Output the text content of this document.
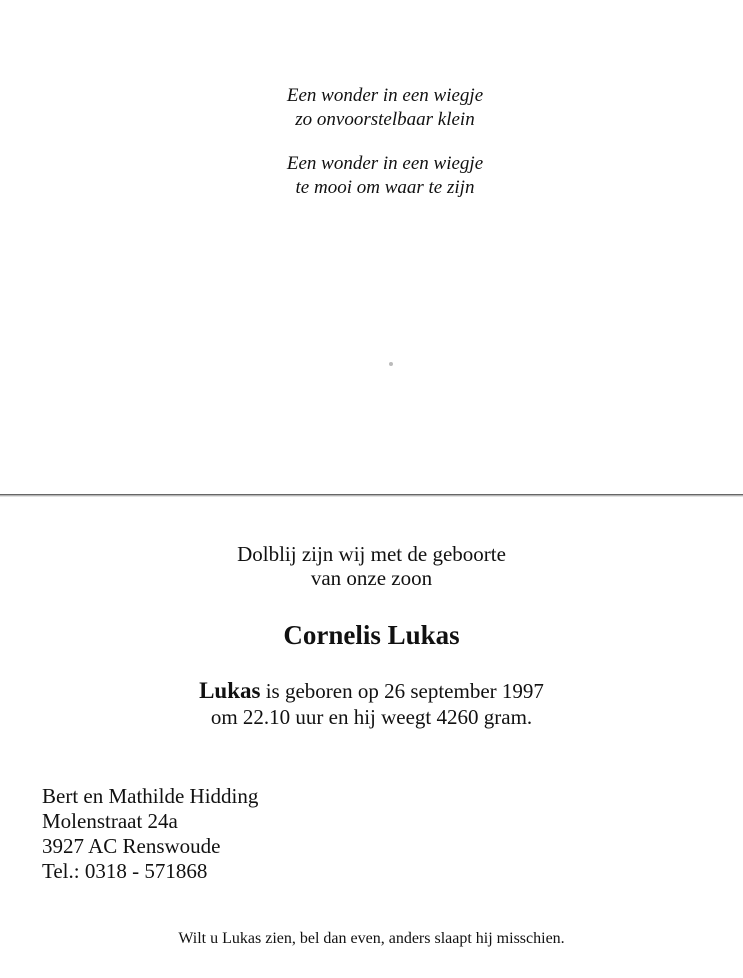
Een wonder in een wiegje
zo onvoorstelbaar klein
Een wonder in een wiegje
te mooi om waar te zijn
Dolblij zijn wij met de geboorte
van onze zoon
Cornelis Lukas
Lukas is geboren op 26 september 1997
om 22.10 uur en hij weegt 4260 gram.
Bert en Mathilde Hidding
Molenstraat 24a
3927 AC Renswoude
Tel.: 0318 - 571868
Wilt u Lukas zien, bel dan even, anders slaapt hij misschien.
